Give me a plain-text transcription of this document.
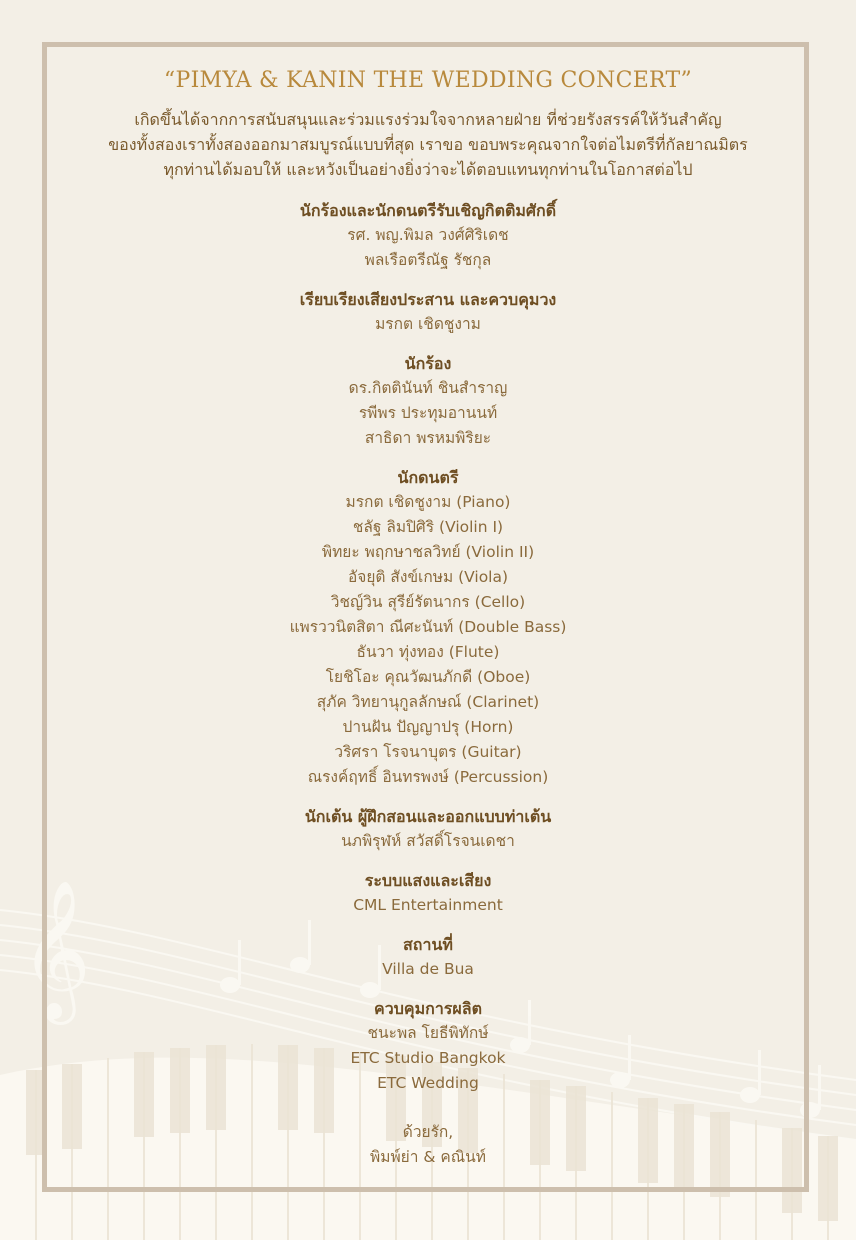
𝄞
“PIMYA & KANIN THE WEDDING CONCERT”

เกิดขึ้นได้จากการสนับสนุนและร่วมแรงร่วมใจจากหลายฝ่าย ที่ช่วยรังสรรค์ให้วันสำคัญ

ของทั้งสองเราทั้งสองออกมาสมบูรณ์แบบที่สุด เราขอ ขอบพระคุณจากใจต่อไมตรีที่กัลยาณมิตร

ทุกท่านได้มอบให้ และหวังเป็นอย่างยิ่งว่าจะได้ตอบแทนทุกท่านในโอกาสต่อไป

นักร้องและนักดนตรีรับเชิญกิตติมศักดิ์
รศ. พญ.พิมล วงศ์ศิริเดช
พลเรือตรีณัฐ รัชกุล
เรียบเรียงเสียงประสาน และควบคุมวง
มรกต เชิดชูงาม
นักร้อง
ดร.กิตตินันท์ ชินสำราญ
รพีพร ประทุมอานนท์
สาธิดา พรหมพิริยะ
นักดนตรี
มรกต เชิดชูงาม (Piano)
ชลัฐ ลิมปิศิริ (Violin I)
พิทยะ พฤกษาชลวิทย์ (Violin II)
อัจยุติ สังข์เกษม (Viola)
วิชญ์วิน สุรีย์รัตนากร (Cello)
แพรววนิตสิตา ณีศะนันท์ (Double Bass)
ธันวา ทุ่งทอง (Flute)
โยชิโอะ คุณวัฒนภักดี (Oboe)
สุภัค วิทยานุกูลลักษณ์ (Clarinet)
ปานฝัน ปัญญาปรุ (Horn)
วริศรา โรจนาบุตร (Guitar)
ณรงค์ฤทธิ์ อินทรพงษ์ (Percussion)
นักเต้น ผู้ฝึกสอนและออกแบบท่าเต้น
นภพิรุฬห์ สวัสดิ์โรจนเดชา
ระบบแสงและเสียง
CML Entertainment
สถานที่
Villa de Bua
ควบคุมการผลิต
ชนะพล โยธีพิทักษ์
ETC Studio Bangkok
ETC Wedding
ด้วยรัก,
พิมพ์ย่า & คณินท์
